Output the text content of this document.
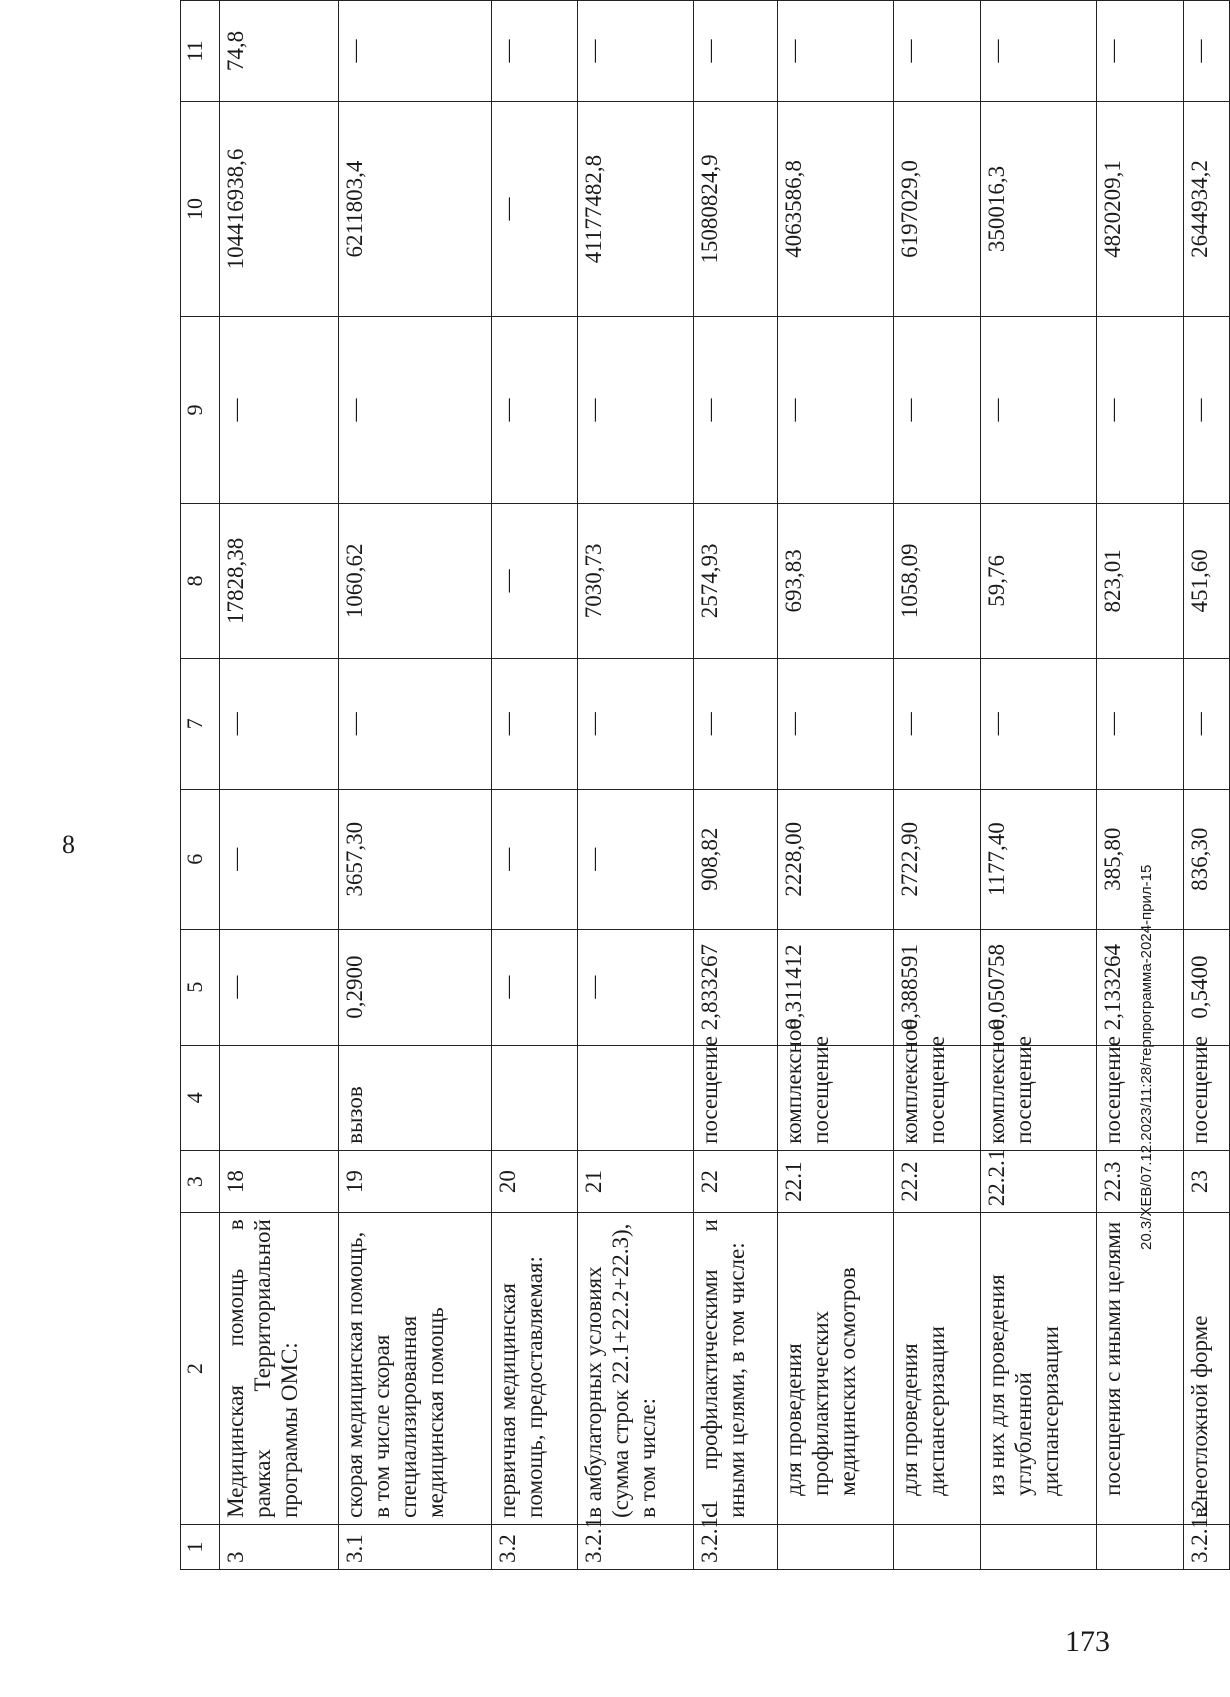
8
20.3/XEB/07.12.2023/11:28/терпрограмма-2024-прил-15
173
1	2	3	4	5	6	7	8	9	10	11
3	Медицинская помощь в рамках Территориальной программы ОМС:	18		—	—	—	17828,38	—	104416938,6	74,8
3.1	скорая медицинская помощь, в том числе скорая специализированная медицинская помощь	19	вызов	0,2900	3657,30	—	1060,62	—	6211803,4	—
3.2	первичная медицинская помощь, предоставляемая:	20		—	—	—	—	—	—	—
3.2.1	в амбулаторных условиях (сумма строк 22.1+22.2+22.3), в том числе:	21		—	—	—	7030,73	—	41177482,8	—
3.2.1.1	с профилактическими и иными целями, в том числе:	22	посещение	2,833267	908,82	—	2574,93	—	15080824,9	—
	для проведения профилактических медицинских осмотров	22.1	комплексное посещение	0,311412	2228,00	—	693,83	—	4063586,8	—
	для проведения диспансеризации	22.2	комплексное посещение	0,388591	2722,90	—	1058,09	—	6197029,0	—
	из них для проведения углубленной диспансеризации	22.2.1	комплексное посещение	0,050758	1177,40	—	59,76	—	350016,3	—
	посещения с иными целями	22.3	посещение	2,133264	385,80	—	823,01	—	4820209,1	—
3.2.1.2	в неотложной форме	23	посещение	0,5400	836,30	—	451,60	—	2644934,2	—
